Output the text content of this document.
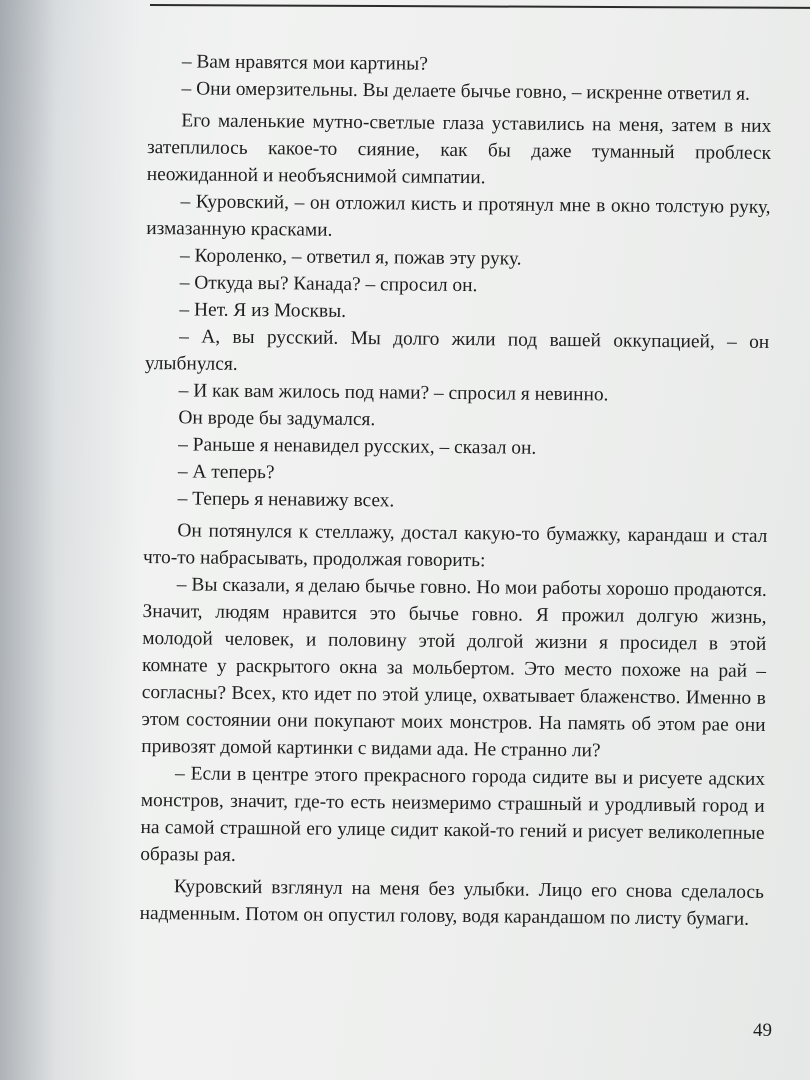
– Вам нравятся мои картины?

– Они омерзительны. Вы делаете бычье говно, – искренне ответил я.

Его маленькие мутно-светлые глаза уставились на меня, затем в них затеплилось какое-то сияние, как бы даже туманный проблеск неожиданной и необъяснимой симпатии.

– Куровский, – он отложил кисть и протянул мне в окно толстую руку, измазанную красками.

– Короленко, – ответил я, пожав эту руку.

– Откуда вы? Канада? – спросил он.

– Нет. Я из Москвы.

– А, вы русский. Мы долго жили под вашей оккупацией, – он улыбнулся.

– И как вам жилось под нами? – спросил я невинно.

Он вроде бы задумался.

– Раньше я ненавидел русских, – сказал он.

– А теперь?

– Теперь я ненавижу всех.

Он потянулся к стеллажу, достал какую-то бумажку, карандаш и стал что-то набрасывать, продолжая говорить:

– Вы сказали, я делаю бычье говно. Но мои работы хорошо продаются. Значит, людям нравится это бычье говно. Я прожил долгую жизнь, молодой человек, и половину этой долгой жизни я просидел в этой комнате у раскрытого окна за мольбертом. Это место похоже на рай – согласны? Всех, кто идет по этой улице, охватывает блаженство. Именно в этом состоянии они покупают моих монстров. На память об этом рае они привозят домой картинки с видами ада. Не странно ли?

– Если в центре этого прекрасного города сидите вы и рисуете адских монстров, значит, где-то есть неизмеримо страшный и уродливый город и на самой страшной его улице сидит какой-то гений и рисует великолепные образы рая.

Куровский взглянул на меня без улыбки. Лицо его снова сделалось надменным. Потом он опустил голову, водя карандашом по листу бумаги.

49
